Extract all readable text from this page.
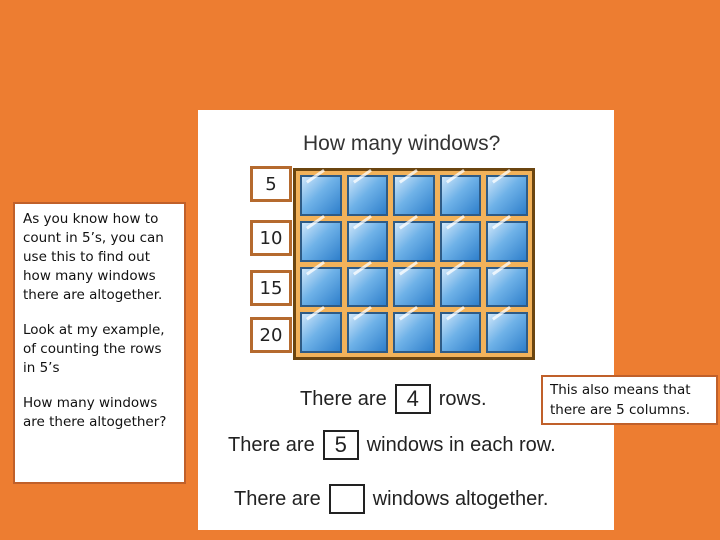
As you know how to count in 5’s, you can use this to find out how many windows there are altogether.

Look at my example, of counting the rows in 5’s

How many windows are there altogether?

How many windows?
There are 4 rows.
There are 5 windows in each row.
There are	windows altogether.
5
10
15
20
This also means that there are 5 columns.
